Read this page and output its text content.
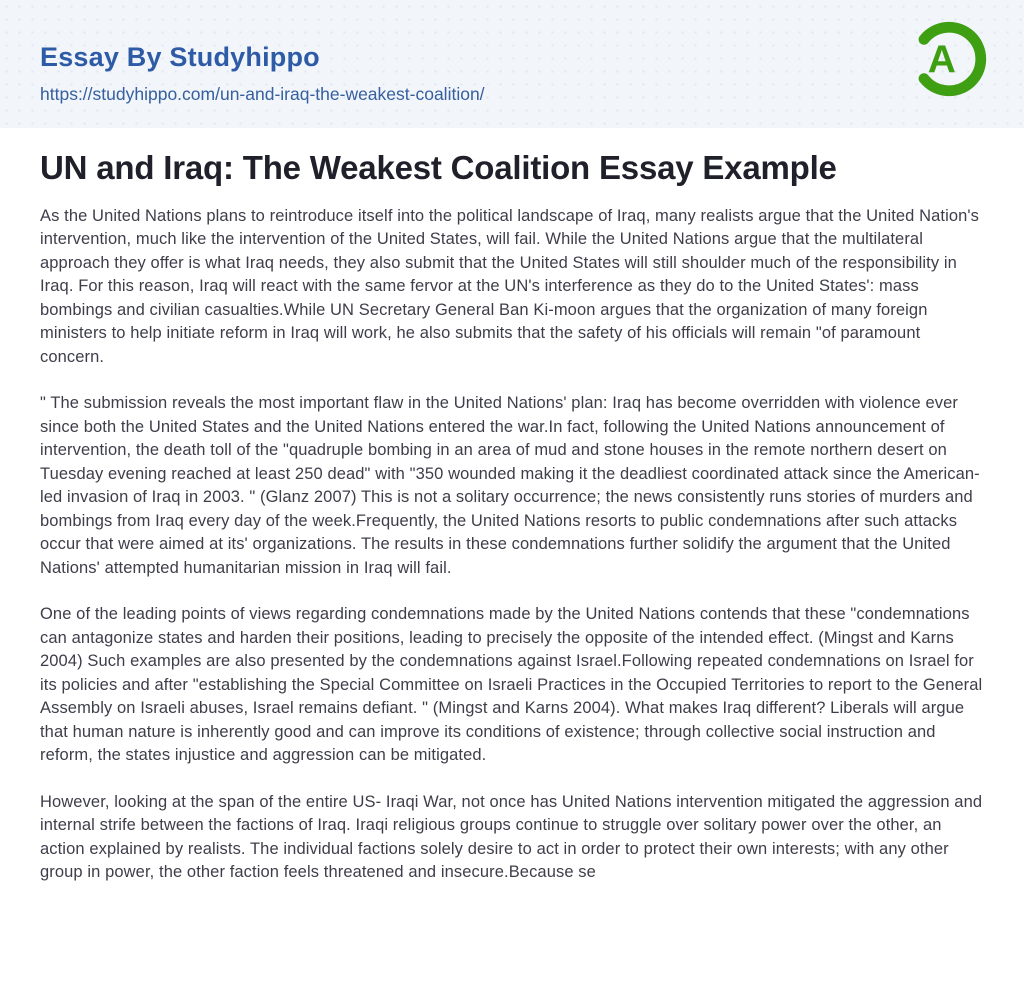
Essay By Studyhippo
https://studyhippo.com/un-and-iraq-the-weakest-coalition/
A
UN and Iraq: The Weakest Coalition Essay Example

As the United Nations plans to reintroduce itself into the political landscape of Iraq, many realists argue that the United Nation's intervention, much like the intervention of the United States, will fail. While the United Nations argue that the multilateral approach they offer is what Iraq needs, they also submit that the United States will still shoulder much of the responsibility in Iraq. For this reason, Iraq will react with the same fervor at the UN's interference as they do to the United States': mass bombings and civilian casualties.While UN Secretary General Ban Ki-moon argues that the organization of many foreign ministers to help initiate reform in Iraq will work, he also submits that the safety of his officials will remain "of paramount concern.

" The submission reveals the most important flaw in the United Nations' plan: Iraq has become overridden with violence ever since both the United States and the United Nations entered the war.In fact, following the United Nations announcement of intervention, the death toll of the "quadruple bombing in an area of mud and stone houses in the remote northern desert on Tuesday evening reached at least 250 dead" with "350 wounded making it the deadliest coordinated attack since the American-led invasion of Iraq in 2003. " (Glanz 2007) This is not a solitary occurrence; the news consistently runs stories of murders and bombings from Iraq every day of the week.Frequently, the United Nations resorts to public condemnations after such attacks occur that were aimed at its' organizations. The results in these condemnations further solidify the argument that the United Nations' attempted humanitarian mission in Iraq will fail.

One of the leading points of views regarding condemnations made by the United Nations contends that these "condemnations can antagonize states and harden their positions, leading to precisely the opposite of the intended effect. (Mingst and Karns 2004) Such examples are also presented by the condemnations against Israel.Following repeated condemnations on Israel for its policies and after "establishing the Special Committee on Israeli Practices in the Occupied Territories to report to the General Assembly on Israeli abuses, Israel remains defiant. " (Mingst and Karns 2004). What makes Iraq different? Liberals will argue that human nature is inherently good and can improve its conditions of existence; through collective social instruction and reform, the states injustice and aggression can be mitigated.

However, looking at the span of the entire US- Iraqi War, not once has United Nations intervention mitigated the aggression and internal strife between the factions of Iraq. Iraqi religious groups continue to struggle over solitary power over the other, an action explained by realists. The individual factions solely desire to act in order to protect their own interests; with any other group in power, the other faction feels threatened and insecure.Because se
